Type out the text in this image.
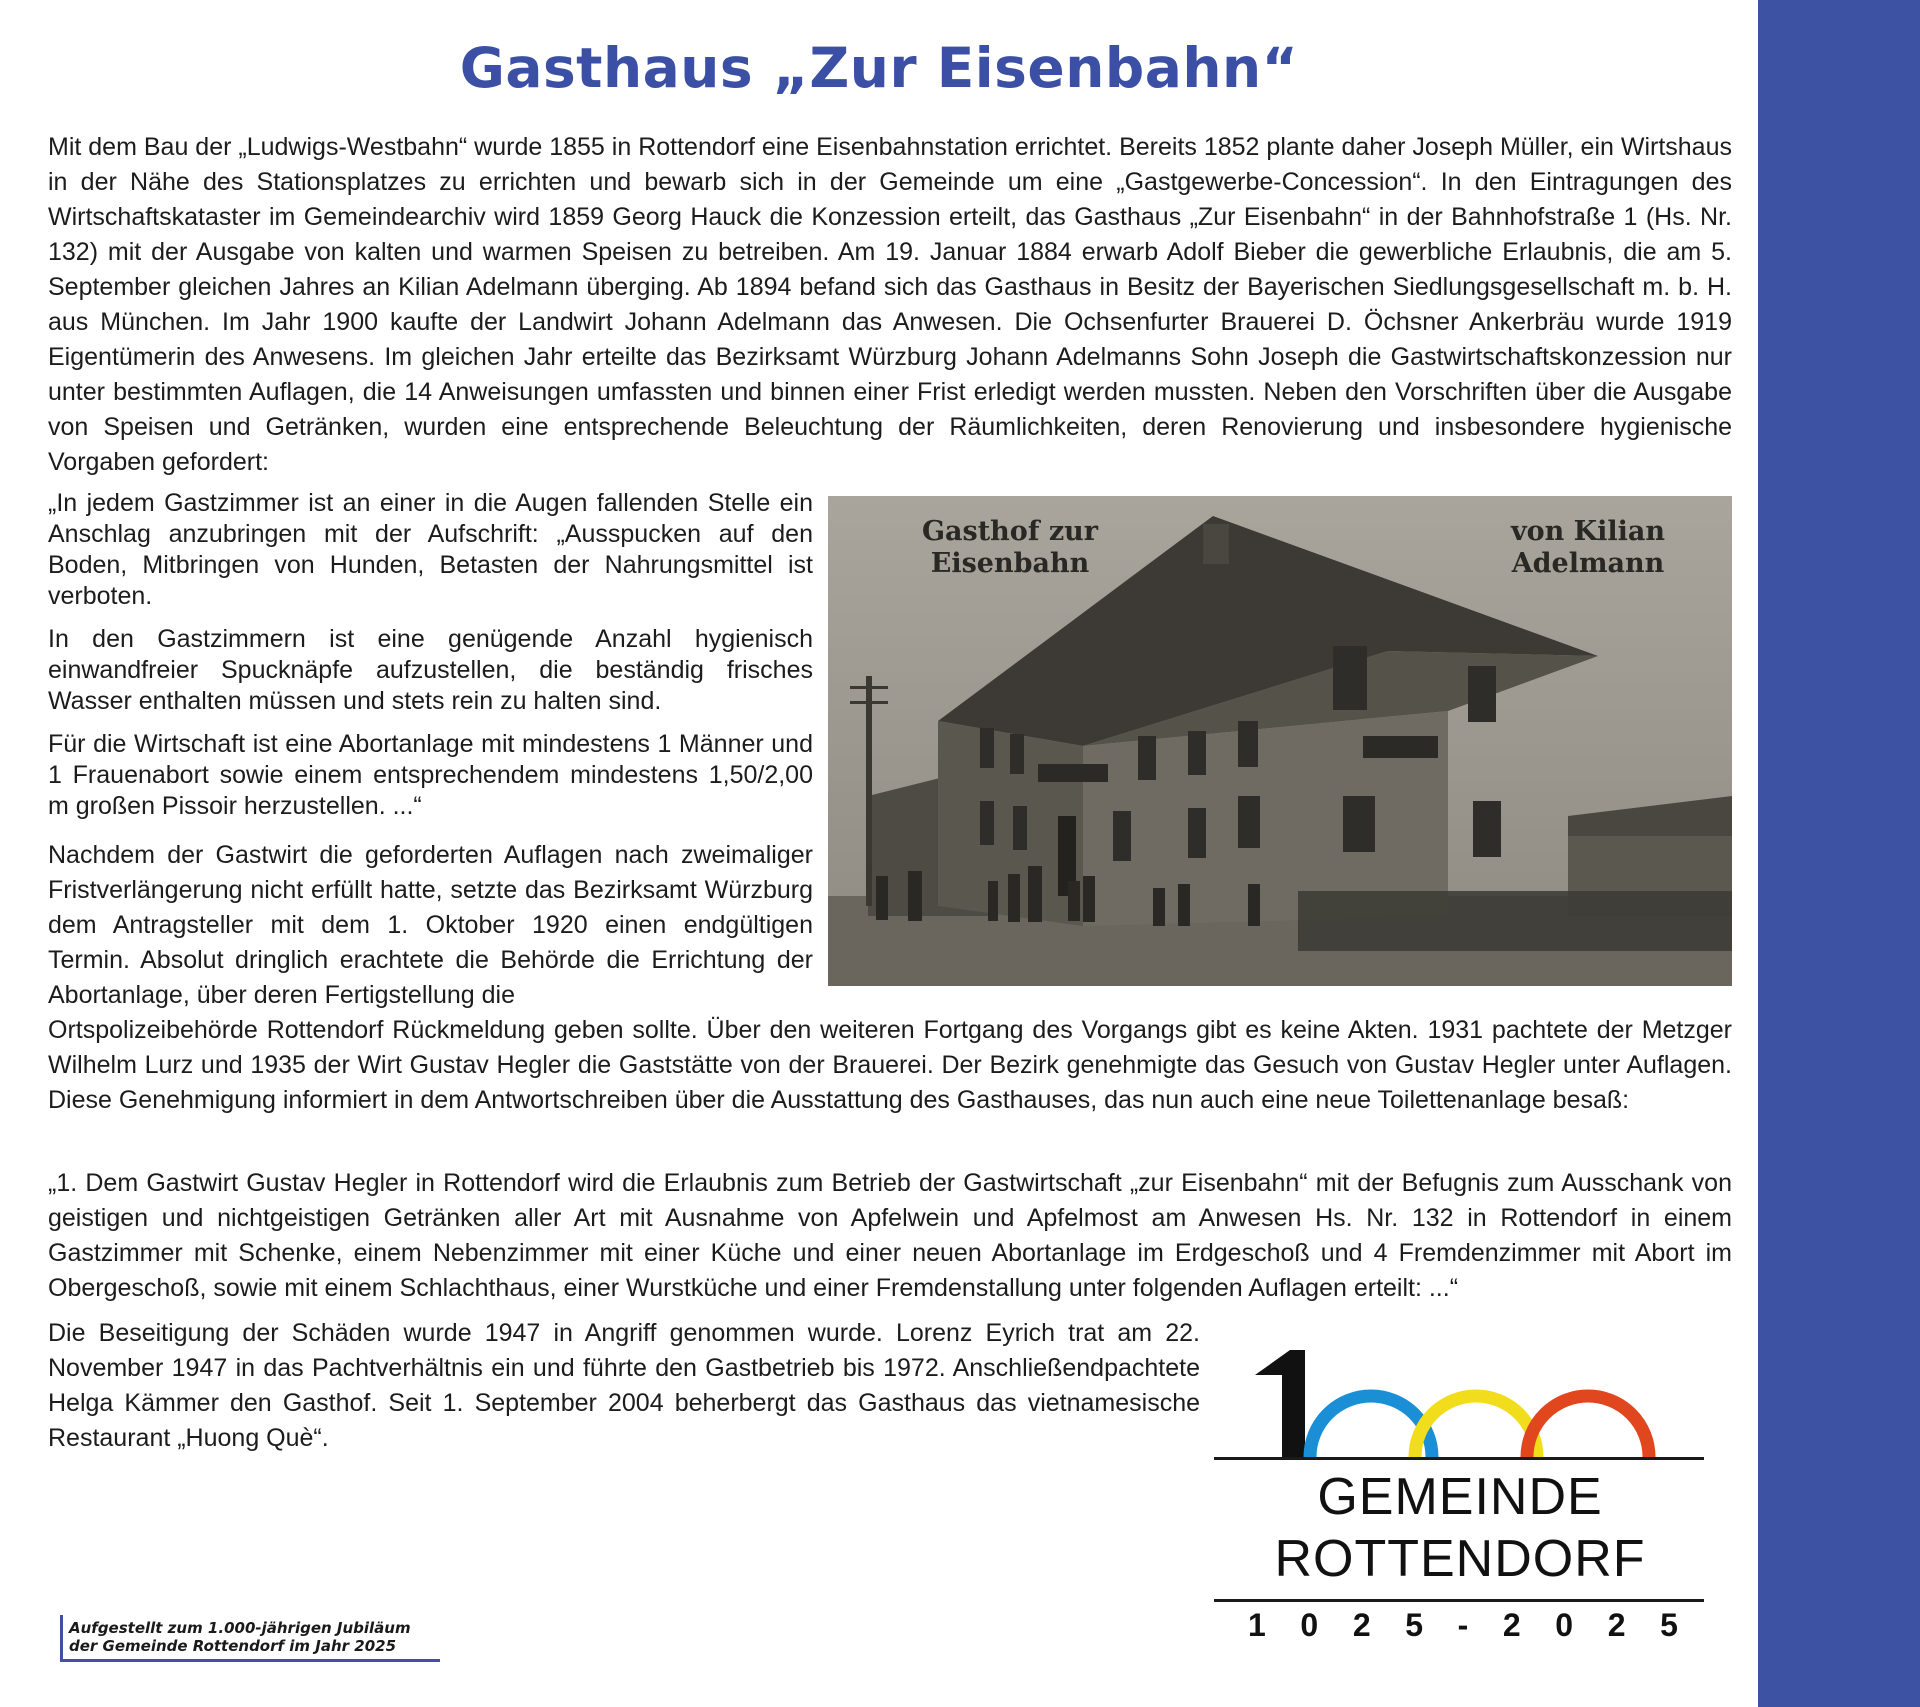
Gasthaus „Zur Eisenbahn“

Mit dem Bau der „Ludwigs-Westbahn“ wurde 1855 in Rottendorf eine Eisenbahnstation errichtet. Bereits 1852 plante daher Joseph Müller, ein Wirtshaus in der Nähe des Stationsplatzes zu errichten und bewarb sich in der Gemeinde um eine „Gastgewerbe-Concession“. In den Eintragungen des Wirtschaftskataster im Gemeindearchiv wird 1859 Georg Hauck die Konzession erteilt, das Gasthaus „Zur Eisenbahn“ in der Bahnhofstraße 1 (Hs. Nr. 132) mit der Ausgabe von kalten und warmen Speisen zu betreiben. Am 19. Januar 1884 erwarb Adolf Bieber die gewerbliche Erlaubnis, die am 5. September gleichen Jahres an Kilian Adelmann überging. Ab 1894 befand sich das Gasthaus in Besitz der Bayerischen Siedlungsgesellschaft m. b. H. aus München. Im Jahr 1900 kaufte der Landwirt Johann Adelmann das Anwesen. Die Ochsenfurter Brauerei D. Öchsner Ankerbräu wurde 1919 Eigentümerin des Anwesens. Im gleichen Jahr erteilte das Bezirksamt Würzburg Johann Adelmanns Sohn Joseph die Gastwirtschaftskonzession nur unter bestimmten Auflagen, die 14 Anweisungen umfassten und binnen einer Frist erledigt werden mussten. Neben den Vorschriften über die Ausgabe von Speisen und Getränken, wurden eine entsprechende Beleuchtung der Räumlichkeiten, deren Renovierung und insbesondere hygienische Vorgaben gefordert:

„In jedem Gastzimmer ist an einer in die Augen fallenden Stelle ein Anschlag anzubringen mit der Aufschrift: „Ausspucken auf den Boden, Mitbringen von Hunden, Betasten der Nahrungsmittel ist verboten.

In den Gastzimmern ist eine genügende Anzahl hygienisch einwandfreier Spucknäpfe aufzustellen, die beständig frisches Wasser enthalten müssen und stets rein zu halten sind.

Für die Wirtschaft ist eine Abortanlage mit mindestens 1 Männer und 1 Frauenabort sowie einem entsprechendem mindestens 1,50/2,00 m großen Pissoir herzustellen. ...“

Nachdem der Gastwirt die geforderten Auflagen nach zweimaliger Fristverlängerung nicht erfüllt hatte, setzte das Bezirksamt Würzburg dem Antragsteller mit dem 1. Oktober 1920 einen endgültigen Termin. Absolut dringlich erachtete die Behörde die Errichtung der Abortanlage, über deren Fertigstellung die

Ortspolizeibehörde Rottendorf Rückmeldung geben sollte. Über den weiteren Fortgang des Vorgangs gibt es keine Akten. 1931 pachtete der Metzger Wilhelm Lurz und 1935 der Wirt Gustav Hegler die Gaststätte von der Brauerei. Der Bezirk genehmigte das Gesuch von Gustav Hegler unter Auflagen. Diese Genehmigung informiert in dem Antwortschreiben über die Ausstattung des Gasthauses, das nun auch eine neue Toilettenanlage besaß:

„1. Dem Gastwirt Gustav Hegler in Rottendorf wird die Erlaubnis zum Betrieb der Gastwirtschaft „zur Eisenbahn“ mit der Befugnis zum Ausschank von geistigen und nichtgeistigen Getränken aller Art mit Ausnahme von Apfelwein und Apfelmost am Anwesen Hs. Nr. 132 in Rottendorf in einem Gastzimmer mit Schenke, einem Nebenzimmer mit einer Küche und einer neuen Abortanlage im Erdgeschoß und 4 Fremdenzimmer mit Abort im Obergeschoß, sowie mit einem Schlachthaus, einer Wurstküche und einer Fremdenstallung unter folgenden Auflagen erteilt: ...“

Die Beseitigung der Schäden wurde 1947 in Angriff genommen wurde. Lorenz Eyrich trat am 22. November 1947 in das Pachtverhältnis ein und führte den Gastbetrieb bis 1972. Anschließendpachtete Helga Kämmer den Gasthof. Seit 1. September 2004 beherbergt das Gasthaus das vietnamesische Restaurant „Huong Què“.

Gasthof zur Eisenbahn
von Kilian Adelmann
Aufgestellt zum 1.000-jährigen Jubiläum
der Gemeinde Rottendorf im Jahr 2025
GEMEINDE
ROTTENDORF
1 0 2 5 - 2 0 2 5
